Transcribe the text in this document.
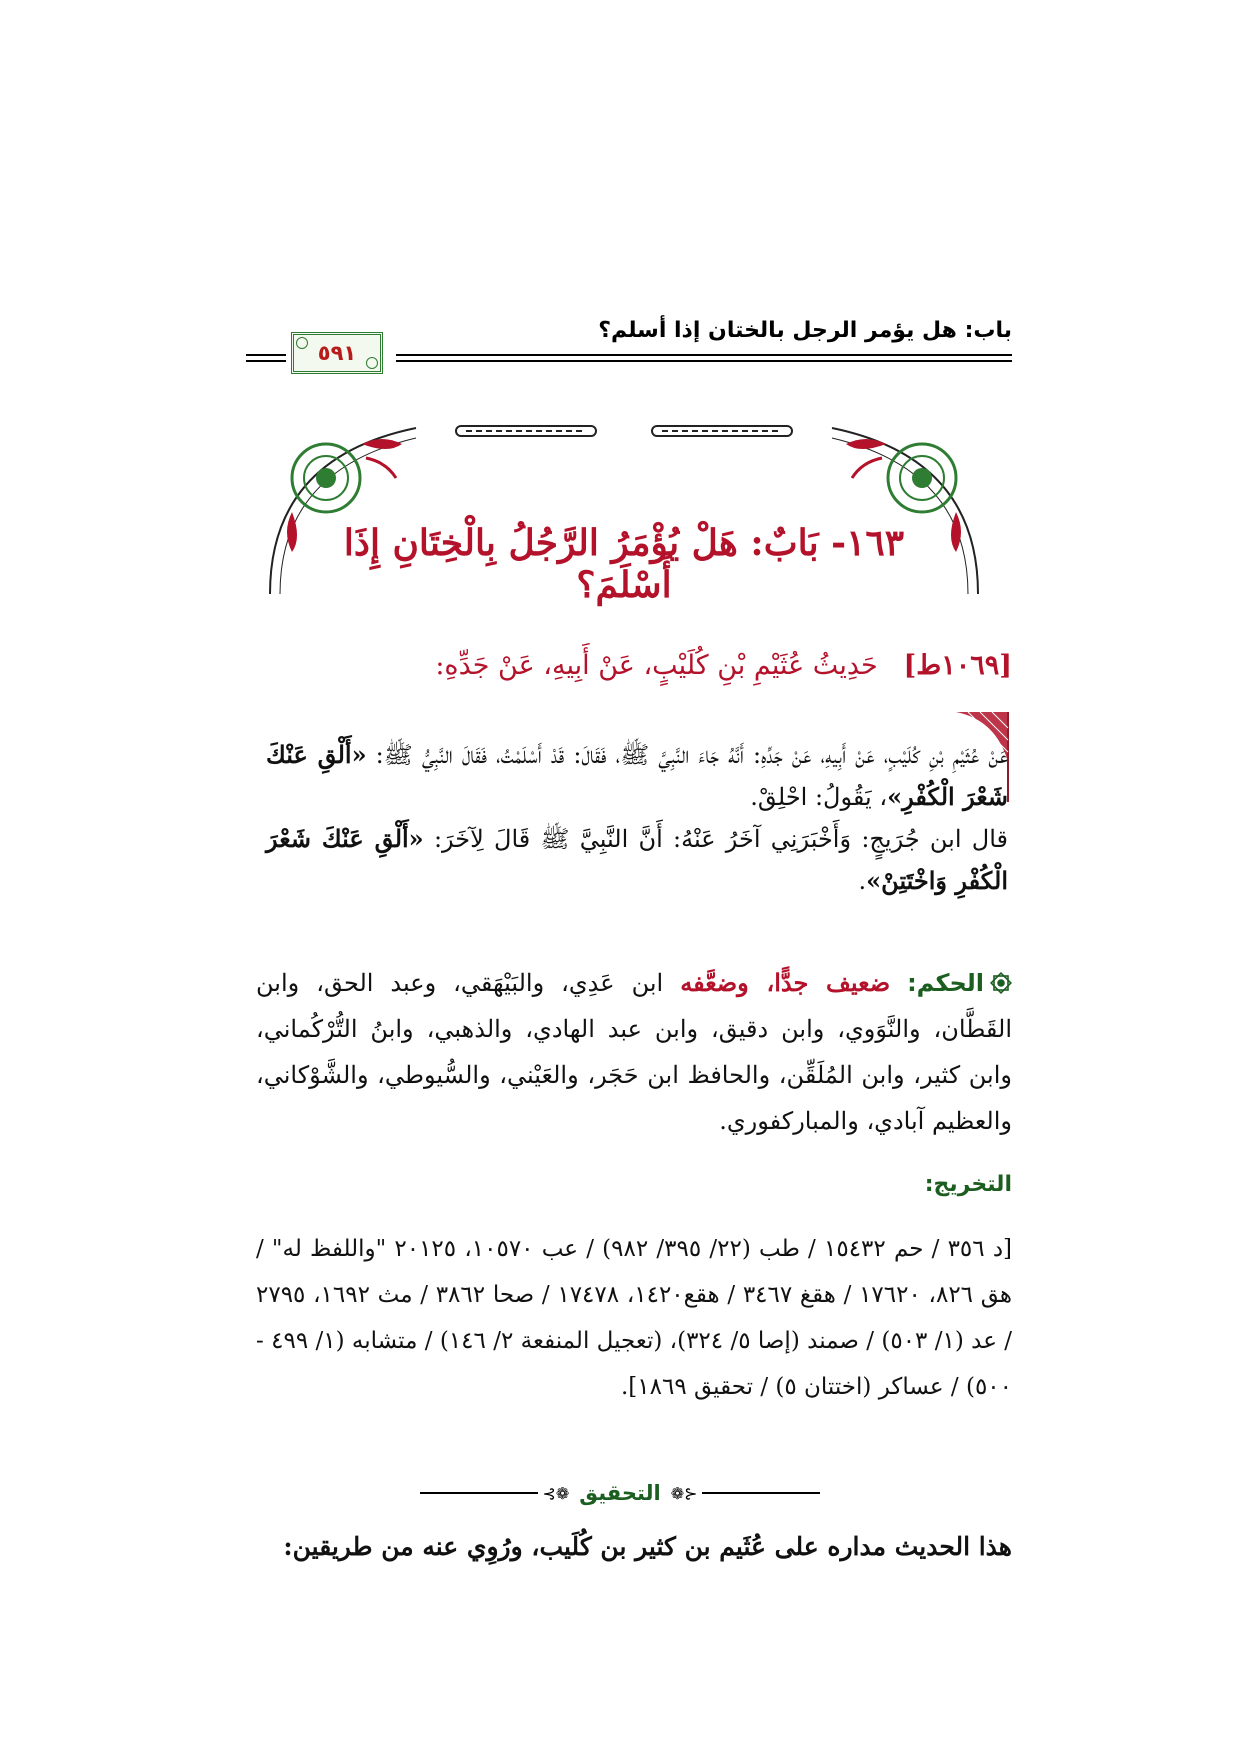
باب: هل يؤمر الرجل بالختان إذا أسلم؟
٥٩١
١٦٣- بَابٌ: هَلْ يُؤْمَرُ الرَّجُلُ بِالْخِتَانِ إِذَا أَسْلَمَ؟
[١٠٦٩ط]   حَدِيثُ عُثَيْمِ بْنِ كُلَيْبٍ، عَنْ أَبِيهِ، عَنْ جَدِّهِ:

عَنْ عُثَيْمِ بْنِ كُلَيْبٍ، عَنْ أَبِيهِ، عَنْ جَدِّهِ: أَنَّهُ جَاءَ النَّبِيَّ ﷺ، فَقَالَ: قَدْ أَسْلَمْتُ، فَقَالَ النَّبِيُّ ﷺ: «أَلْقِ عَنْكَ شَعْرَ الْكُفْرِ»، يَقُولُ: احْلِقْ.

قال ابن جُرَيجٍ: وَأَخْبَرَنِي آخَرُ عَنْهُ: أَنَّ النَّبِيَّ ﷺ قَالَ لِآخَرَ: «أَلْقِ عَنْكَ شَعْرَ الْكُفْرِ وَاخْتَتِنْ».

الحكم: ضعيف جدًّا، وضعَّفه ابن عَدِي، والبَيْهَقي، وعبد الحق، وابن القَطَّان، والنَّوَوي، وابن دقيق، وابن عبد الهادي، والذهبي، وابنُ التُّرْكُماني، وابن كثير، وابن المُلَقِّن، والحافظ ابن حَجَر، والعَيْني، والسُّيوطي، والشَّوْكاني، والعظيم آبادي، والمباركفوري.
التخريج:
[د ٣٥٦ / حم ١٥٤٣٢ / طب (٢٢/ ٣٩٥/ ٩٨٢) / عب ١٠٥٧٠، ٢٠١٢٥ "واللفظ له" / هق ٨٢٦، ١٧٦٢٠ / هقغ ٣٤٦٧ / هقع١٤٢٠، ١٧٤٧٨ / صحا ٣٨٦٢ / مث ١٦٩٢، ٢٧٩٥ / عد (١/ ٥٠٣) / صمند (إصا ٥/ ٣٢٤)، (تعجيل المنفعة ٢/ ١٤٦) / متشابه (١/ ٤٩٩ - ٥٠٠) / عساكر (اختتان ٥) / تحقيق ١٨٦٩].
⊰❁ التحقيق ❁⊱
هذا الحديث مداره على عُثَيم بن كثير بن كُلَيب، ورُوِي عنه من طريقين:
